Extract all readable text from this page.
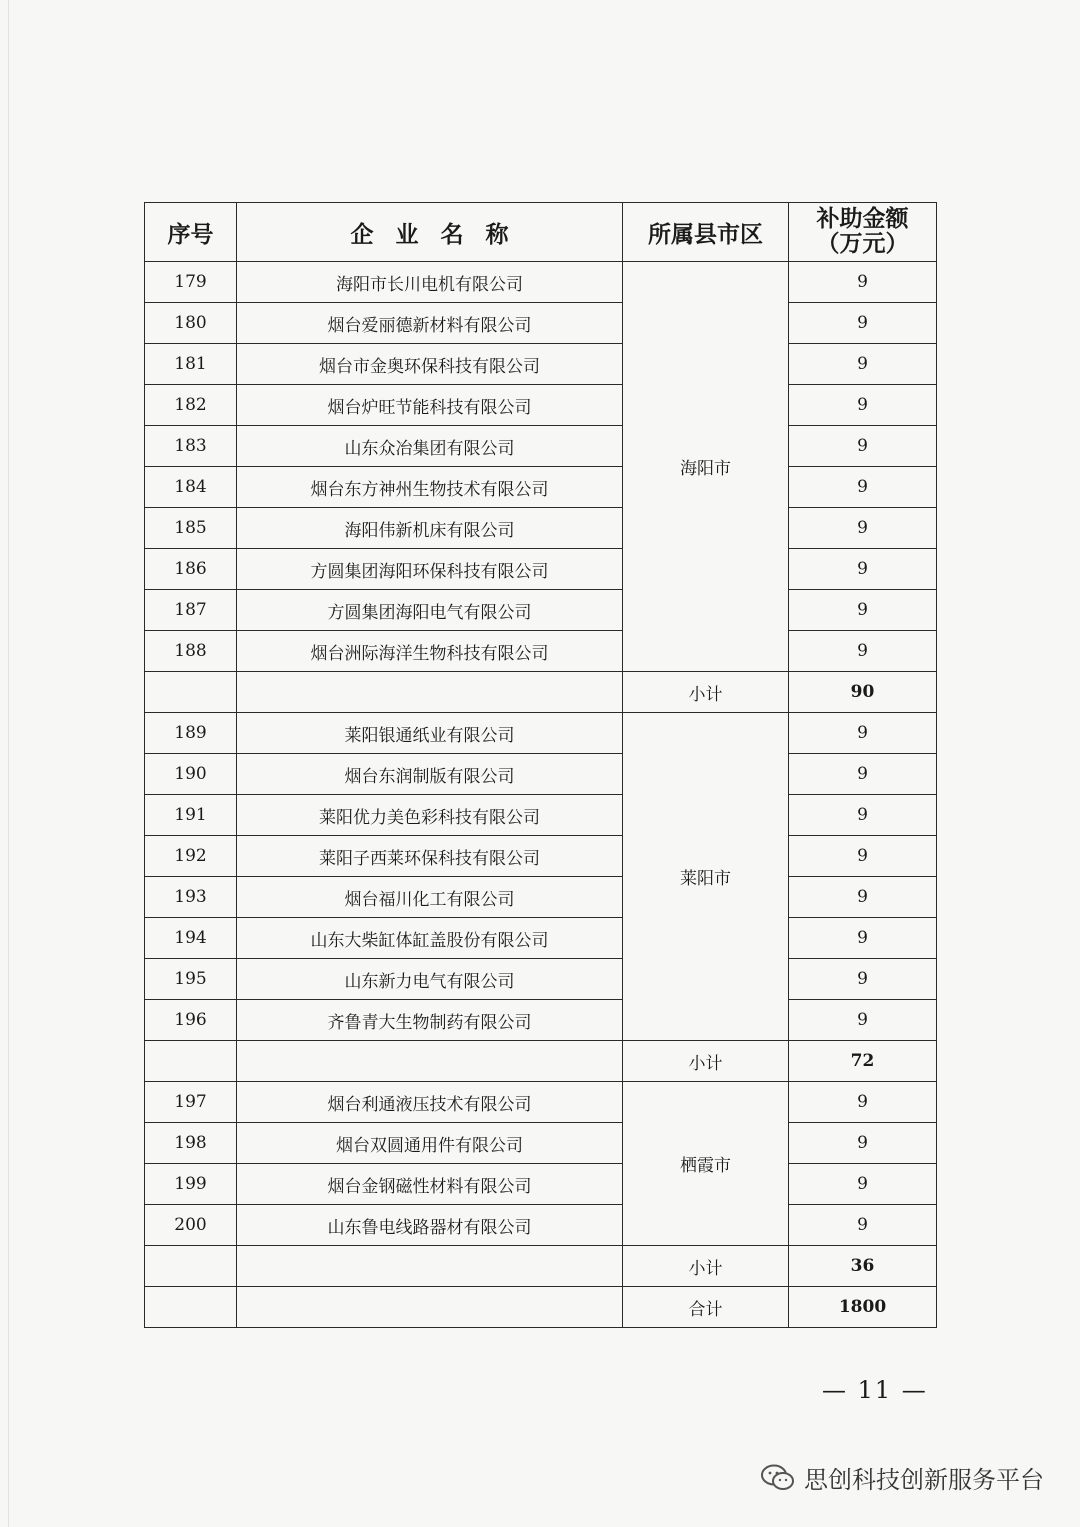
序号	企业名称	所属县市区	补助金额
（万元）

179	海阳市长川电机有限公司	海阳市	9
180	烟台爱丽德新材料有限公司		9
181	烟台市金奥环保科技有限公司		9
182	烟台炉旺节能科技有限公司		9
183	山东众冶集团有限公司		9
184	烟台东方神州生物技术有限公司		9
185	海阳伟新机床有限公司		9
186	方圆集团海阳环保科技有限公司		9
187	方圆集团海阳电气有限公司		9
188	烟台洲际海洋生物科技有限公司		9
		小计	90
189	莱阳银通纸业有限公司	莱阳市	9
190	烟台东润制版有限公司		9
191	莱阳优力美色彩科技有限公司		9
192	莱阳子西莱环保科技有限公司		9
193	烟台福川化工有限公司		9
194	山东大柴缸体缸盖股份有限公司		9
195	山东新力电气有限公司		9
196	齐鲁青大生物制药有限公司		9
		小计	72
197	烟台利通液压技术有限公司	栖霞市	9
198	烟台双圆通用件有限公司		9
199	烟台金钢磁性材料有限公司		9
200	山东鲁电线路器材有限公司		9
		小计	36
		合计	1800
— 11 —
思创科技创新服务平台
